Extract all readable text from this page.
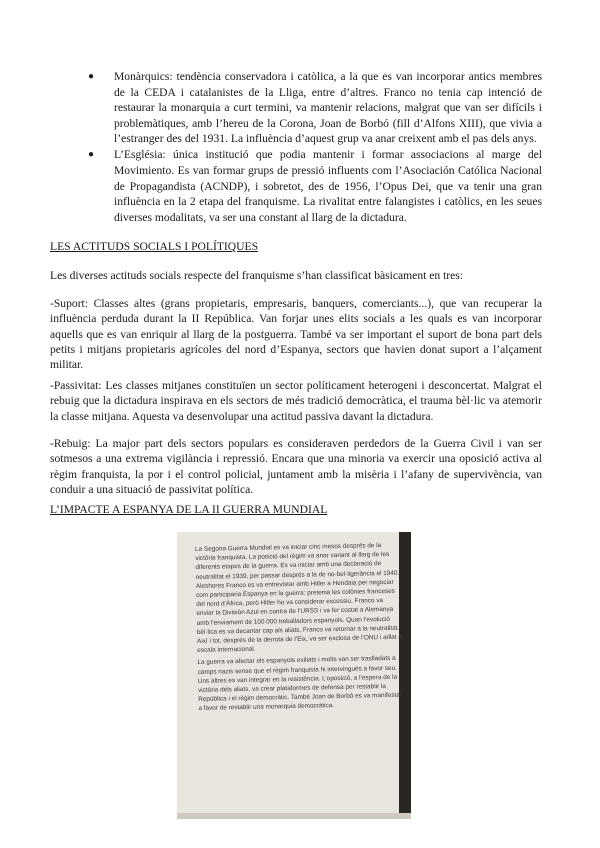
● Monàrquics: tendència conservadora i catòlica, a la que es van incorporar antics membres de la CEDA i catalanistes de la Lliga, entre d’altres. Franco no tenia cap intenció de restaurar la monarquia a curt termini, va mantenir relacions, malgrat que van ser difícils i problemàtiques, amb l’hereu de la Corona, Joan de Borbó (fill d’Alfons XIII), que vivia a l’estranger des del 1931. La influència d’aquest grup va anar creixent amb el pas dels anys.
● L’Església: única institució que podia mantenir i formar associacions al marge del Movimiento. Es van formar grups de pressió influents com l’Asociación Católica Nacional de Propagandista (ACNDP), i sobretot, des de 1956, l’Opus Dei, que va tenir una gran influència en la 2 etapa del franquisme. La rivalitat entre falangistes i catòlics, en les seues diverses modalitats, va ser una constant al llarg de la dictadura.
LES ACTITUDS SOCIALS I POLÍTIQUES
Les diverses actituds socials respecte del franquisme s’han classificat bàsicament en tres:
-Suport: Classes altes (grans propietaris, empresaris, banquers, comerciants...), que van recuperar la influència perduda durant la II República. Van forjar unes elits socials a les quals es van incorporar aquells que es van enriquir al llarg de la postguerra. També va ser important el suport de bona part dels petits i mitjans propietaris agrícoles del nord d’Espanya, sectors que havien donat suport a l’alçament militar.
-Passivitat: Les classes mitjanes constituïen un sector políticament heterogeni i desconcertat. Malgrat el rebuig que la dictadura inspirava en els sectors de més tradició democràtica, el trauma bèl·lic va atemorir la classe mitjana. Aquesta va desenvolupar una actitud passiva davant la dictadura.
-Rebuig: La major part dels sectors populars es consideraven perdedors de la Guerra Civil i van ser sotmesos a una extrema vigilància i repressió. Encara que una minoria va exercir una oposició activa al règim franquista, la por i el control policial, juntament amb la misèria i l’afany de supervivència, van conduir a una situació de passivitat política.
L’IMPACTE A ESPANYA DE LA II GUERRA MUNDIAL

La Segona Guerra Mundial es va iniciar cinc mesos després de la victòria franquista. La posició del règim va anar variant al llarg de les diferents etapes de la guerra. Es va iniciar amb una declaració de neutralitat el 1939, per passar després a la de no-bel·ligerància el 1940. Aleshores Franco es va entrevistar amb Hitler a Hendaia per negociar com participaria Espanya en la guerra: pretenia les colònies franceses del nord d’Àfrica, però Hitler ho va considerar excessiu. Franco va enviar la División Azul en contra de l’URSS i va fer costat a Alemanya amb l’enviament de 100 000 treballadors espanyols. Quan l’evolució bèl·lica es va decantar cap als aliats, Franco va retornar a la neutralitat. Així i tot, després de la derrota de l’Eix, va ser exclosa de l’ONU i aïllat a escala internacional.

La guerra va afectar els espanyols exiliats i molts van ser traslladats a camps nazis sense que el règim franquista hi intervingués a favor seu. Uns altres es van integrar en la resistència. L’oposició, a l’espera de la victòria dels aliats, va crear plataformes de defensa per restablir la República i el règim democràtic. També Joan de Borbó es va manifestar a favor de restablir una monarquia democràtica.
